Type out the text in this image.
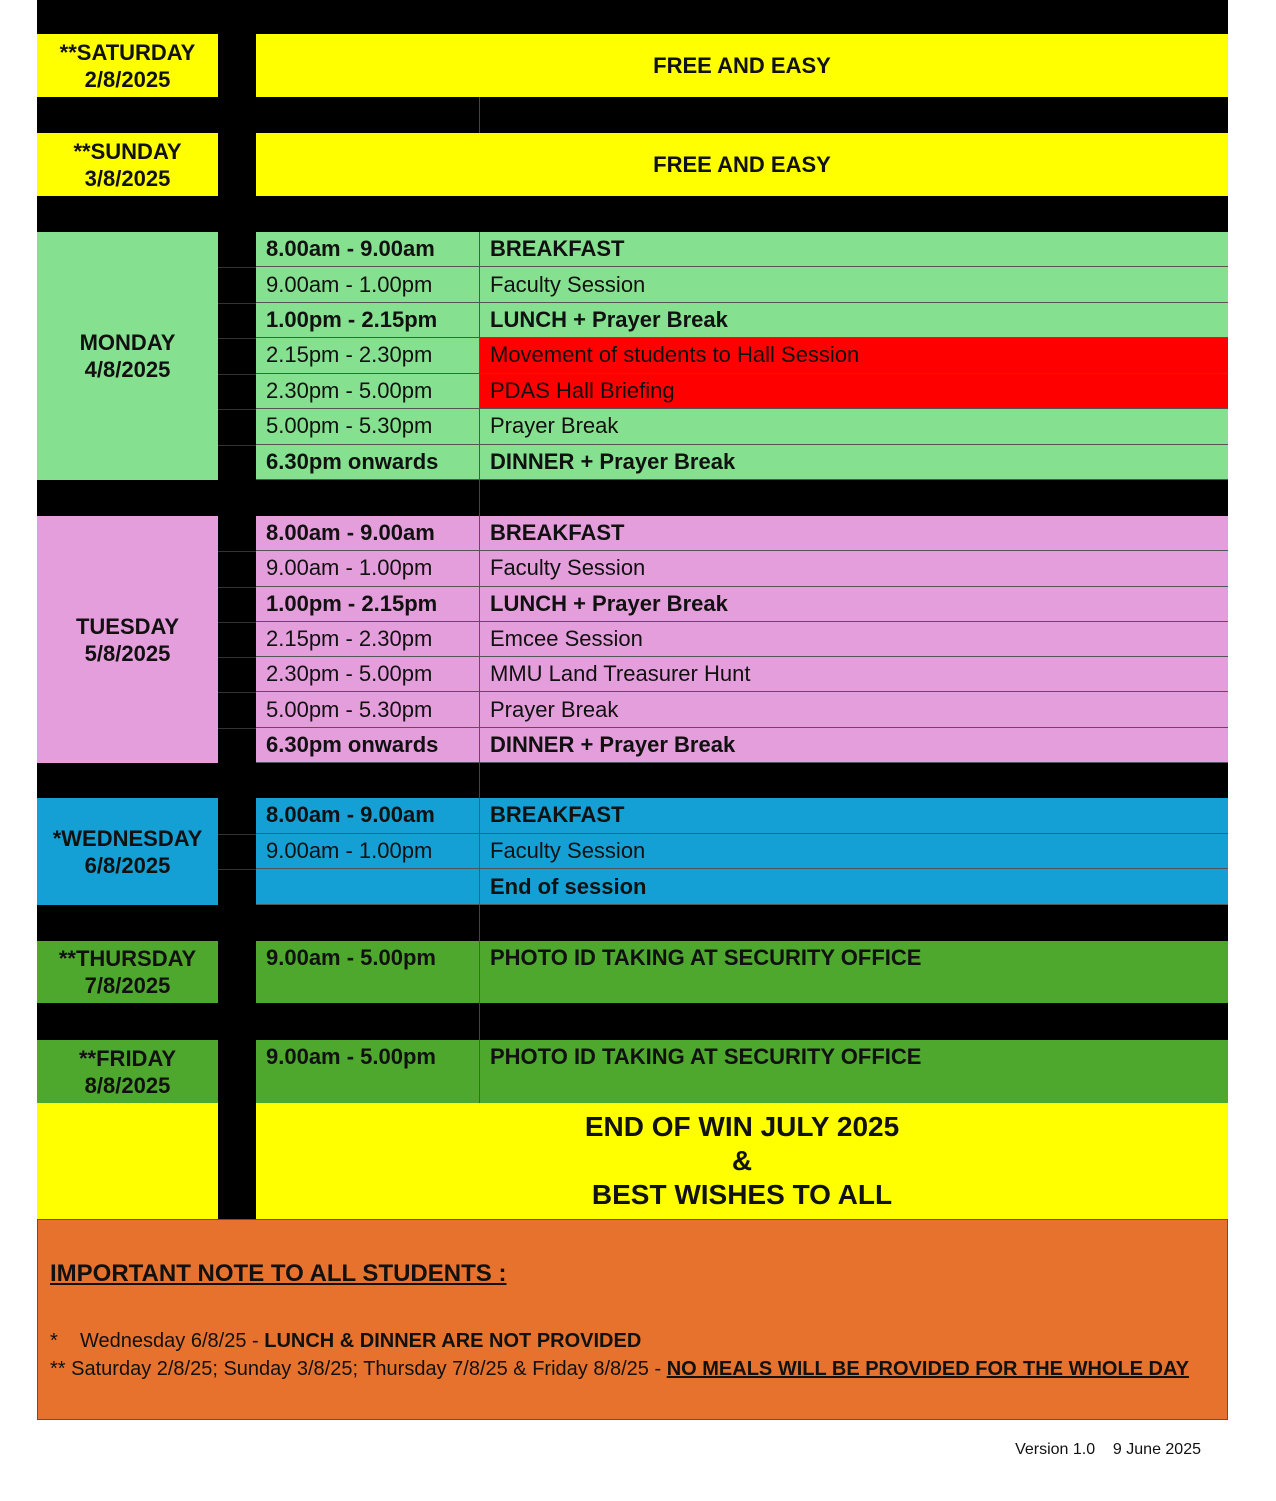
**SATURDAY
2/8/2025
FREE AND EASY
**SUNDAY
3/8/2025
FREE AND EASY
MONDAY
4/8/2025
8.00am - 9.00am	BREAKFAST
9.00am - 1.00pm	Faculty Session
1.00pm - 2.15pm LUNCH + Prayer Break
2.15pm - 2.30pm	Movement of students to Hall Session
2.30pm - 5.00pm	PDAS Hall Briefing
5.00pm - 5.30pm	Prayer Break
6.30pm onwards DINNER + Prayer Break
TUESDAY
5/8/2025
8.00am - 9.00am	BREAKFAST
9.00am - 1.00pm	Faculty Session
1.00pm - 2.15pm LUNCH + Prayer Break
2.15pm - 2.30pm	Emcee Session
2.30pm - 5.00pm	MMU Land Treasurer Hunt
5.00pm - 5.30pm	Prayer Break
6.30pm onwards DINNER + Prayer Break
*WEDNESDAY
6/8/2025
8.00am - 9.00am	BREAKFAST
9.00am - 1.00pm	Faculty Session
End of session
**THURSDAY
7/8/2025
9.00am - 5.00pm PHOTO ID TAKING AT SECURITY OFFICE
**FRIDAY
8/8/2025
9.00am - 5.00pm PHOTO ID TAKING AT SECURITY OFFICE
END OF WIN JULY 2025
&
BEST WISHES TO ALL
IMPORTANT NOTE TO ALL STUDENTS :
* Wednesday 6/8/25 - LUNCH & DINNER ARE NOT PROVIDED
** Saturday 2/8/25; Sunday 3/8/25; Thursday 7/8/25 & Friday 8/8/25 - NO MEALS WILL BE PROVIDED FOR THE WHOLE DAY
Version 1.0 9 June 2025
